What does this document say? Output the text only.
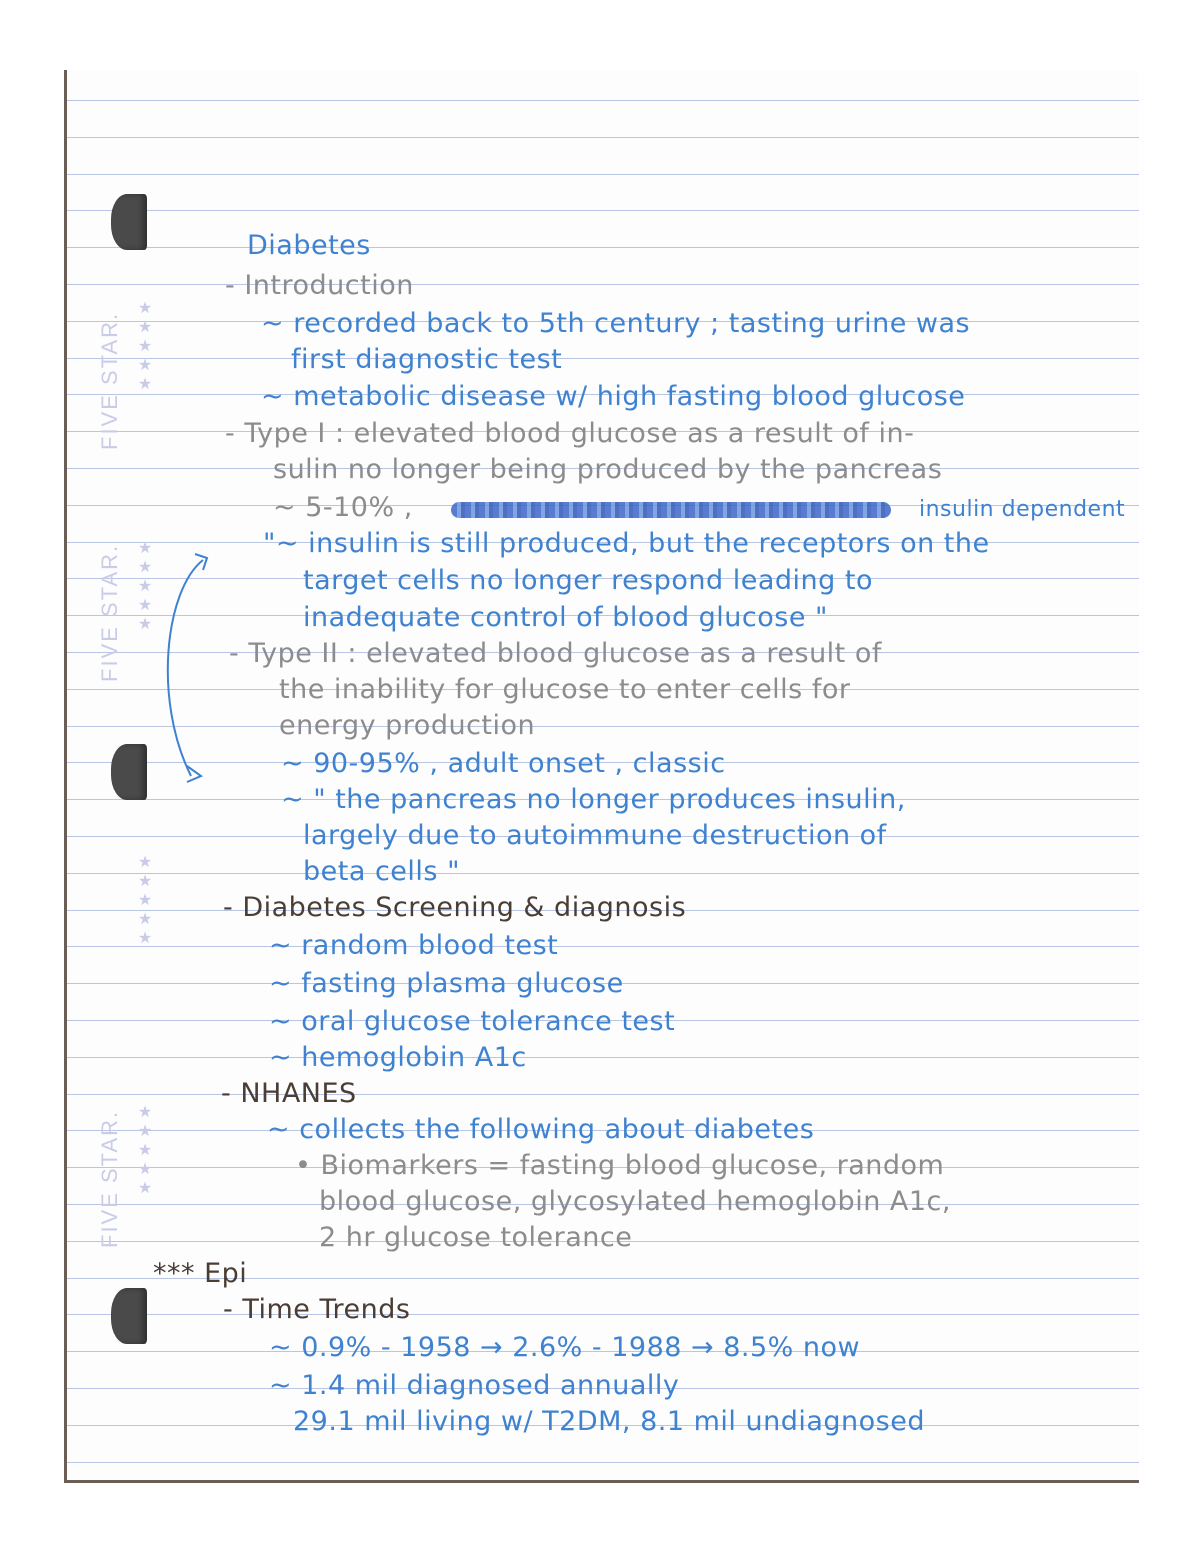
FIVE STAR.
★★★★★
FIVE STAR. ★★★★★
★★★★★
FIVE STAR. ★★★★★
Diabetes
- Introduction
~ recorded back to 5th century ; tasting urine was
first diagnostic test
~ metabolic disease w/ high fasting blood glucose
- Type I : elevated blood glucose as a result of in-
sulin no longer being produced by the pancreas
~ 5-10% ,	insulin dependent
"~ insulin is still produced, but the receptors on the
target cells no longer respond leading to
inadequate control of blood glucose "
- Type II : elevated blood glucose as a result of
the inability for glucose to enter cells for
energy production
~ 90-95% , adult onset , classic
~ " the pancreas no longer produces insulin,
largely due to autoimmune destruction of
beta cells "
- Diabetes Screening & diagnosis
~ random blood test
~ fasting plasma glucose
~ oral glucose tolerance test
~ hemoglobin A1c
- NHANES
~ collects the following about diabetes
• Biomarkers = fasting blood glucose, random
blood glucose, glycosylated hemoglobin A1c,
2 hr glucose tolerance
*** Epi
- Time Trends
~ 0.9% - 1958 → 2.6% - 1988 → 8.5% now
~ 1.4 mil diagnosed annually
29.1 mil living w/ T2DM, 8.1 mil undiagnosed
